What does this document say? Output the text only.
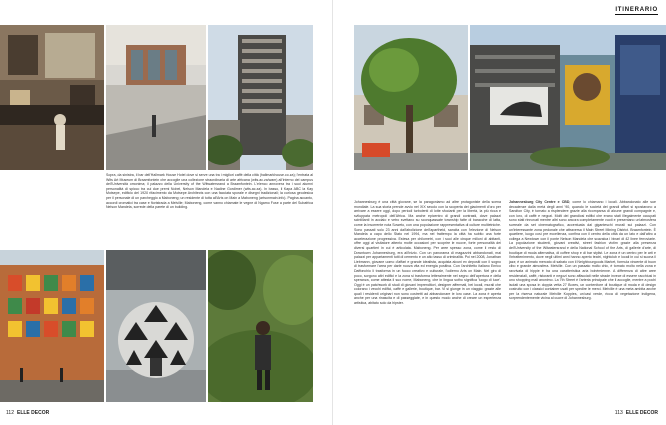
Sopra, da sinistra, il bar dell'Hallmark House Hotel dove si serve una tra i migliori caffè della città (hallmarkhouse.co.za); l'entrata al Wits Art Museum di Braamfontein che accoglie una collezione straordinaria di arte africana (wits.ac.za/wam) all'interno del campus dell'Università omonima; il palazzo della University of the Witwatersrand a Braamfontein. L'elenco annovera tra i suoi alumni personalità di spicco tra cui due premi Nobel, Nelson Mandela e Nadine Gordimer (wits.ac.za). In basso, il Kapa ABC la Kay Motsepe, edificio del 1920 rifacimento da Motsepe Architects con una facciata sporale e disegni tradizionali; la curiosa geodesica per il personale di un parcheggio a Maboneng; un residente di tutta all'Arts on Main a Maboneng (artsonmain.info). Pagina accanto, accordi cromatici tra case e fioristrada a Melville; Maboneng, come vanno chiamate le vegne di Ngamo Fuse a parte del Subafrica Nelson Mandela, sorrede della parete di un building.

112 ELLE DECOR
ITINERARIO

Johannesburg è una città giovane, se la paragoniamo ad altre protagoniste della scena mondiale. La sua storia prende avvio nel XIX secolo con la scoperta dei giacimenti d'oro per arrivare a essere oggi, dopo periodi turbolenti di lotte sfocianti per la libertà, la più ricca e sviluppata metropoli dell'Africa. Ma anche epicentro di grandi contrasti, dove palazzi scintillanti in acciaio e vetro svettano su sconquassate township fatte di baracche di latta, come la insorrente nota Soweto, con una popolazione rappresentativa di culture multietniche. Sono passati solo 23 anni dall'abolizione dell'apartheid, sancita con l'elezione di Nelson Mandela a capo dello Stato nel 1994, ma nel frattempo la città ha subito una forte accelerazione progressiva. Estesa per chilometri, con i suoi alle cinque milioni di abitanti, offre oggi al visitatore attento molte occasioni per scoprire le nuove, forte personalità dei diversi quartieri in cui è articolata. Maboneng. Per aree spesso zona, come il resto di Downtown Johannesburg, era all'inizio. Con un panorama di magazzini abbandonati, mai palazzi per appartamenti tutti di cemento e un alto tasso di criminalità. Poi nel 2008, Jonathan Liebmann, giovane uomo d'affari e grande idealista, acquista alcuni ex depositi con il sogno di trasformare l'area per darle nuova vita ed energia positiva. Con l'architetto italiano Enrico Daffonchio li trasforma in un fuoco creativo e culturale, l'odierno Arts on Main. Nel giro di poco, sorgono altri edifici e la zona si trasforma letteralmente nel segno dell'apertura e della speranza, come attesta il suo nome, Maboneng, che in lingua sotho significa 'luogo di luce'. Oggi è un patchwork di studi di giovani imprenditori, designer affermati, bei locali, murali che colorano i vecchi edifici, caffè e gallerie, boutique, bar. Vi si giunge in un viaggio: grazie alle quali i residenti originari non sono costretti ad abbandonare le loro case. La zona è aperta anche per una rinascita e di passeggiate, e in questo modo anche di creare un esperienza artistica, abitato solo da hipster.

Johannesburg City Centre e CBD, come lo chiamano i locali. Abbandonato alle sue decadenze dalla metà degli anni '90, quando le società dei grandi affari si spostarono a Sandton City, è tornato a risplendere grazie alla ricomparsa di alcune grandi compagnie e, con loro, di caffè e negozi. Molti dei grandiosi edifici che erano stati illegalmente occupati sono stati rinnovati mentre altri sono ancora completamente vuoti e presentano un'atmosfera surreale da set cinematografico, accentuata dai giganteschi murali sui palazzi. Con un'interessante zona pedonale che attraversa il Main Street Mining District. Braamfontein. È quartiere, luogo così pre eccellenza, confina con il centro della città da un lato e dall'altro a collega a Newtown con il ponte Nelson Mandela che scavalca i binari di 42 linee ferroviarie. La popolazione studenti, giovani creativi, street fashion victim grazie alla presenza dell'University of the Witwatersrand e della National School of the Arts, di gallerie d'arte, di boutique di moda alternativa, di coffee shop e di bar stylist. Le zona è un centro per le arti e l'intrattenimento, dove negli ultimi anni hanno aperto teatri, nightclub e locali in cui si suona il jazz; è un animato mercato di sabato con il Neighbourgoods Market, formula vincente di buon cibo e grande atmosfera. Melville. Con un passato molto chic, è tornato molto nella zona e ravvivata di hippie è ha una caratteristica aria bohémienne. A differenza di altre aree residenziali, caffè, ristoranti e negozi sono affacciati nelle strade invece di essere racchiusi in uno shopping mall anonimo. La 7th Street è l'arteria principale che li accoglie, mentre a pochi isolati una sposa in doppia vetta 27 Boxes, un contenitore di boutique di moda e di design costruito con i classici container usati per spedire le merci. Melville è una meta ambita anche per la riserva naturale Melville Koppies, un'oasi verde, ricca di vegetazione indigena, sorprendentemente vicina al cuore di Johannesburg.

113 ELLE DECOR
